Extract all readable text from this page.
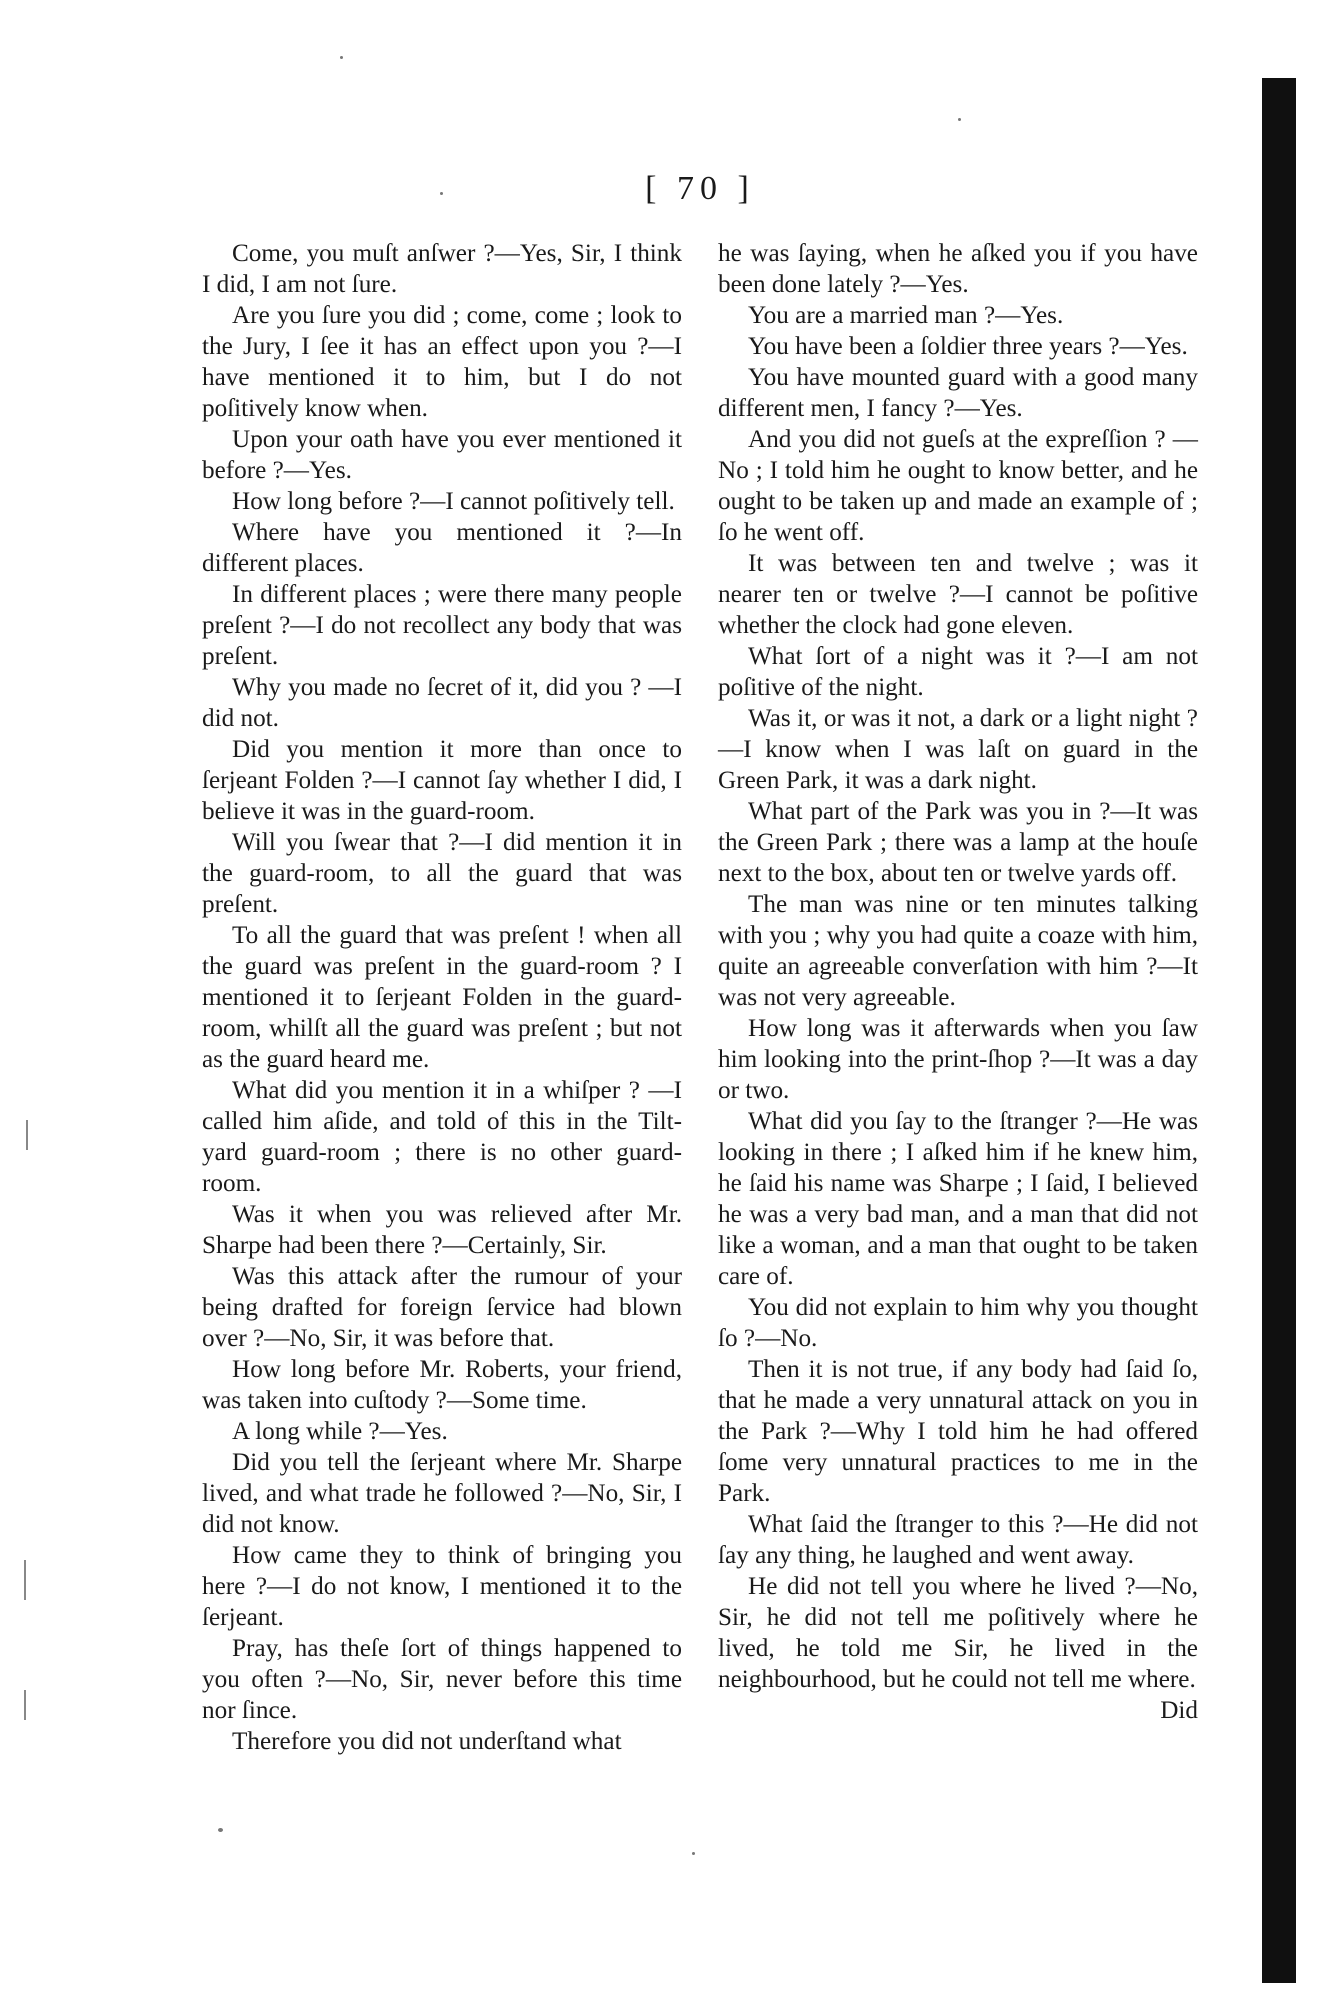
[ 70 ]

Come, you muſt anſwer ?—Yes, Sir, I think I did, I am not ſure.

Are you ſure you did ; come, come ; look to the Jury, I ſee it has an effect upon you ?—I have mentioned it to him, but I do not poſitively know when.

Upon your oath have you ever mentioned it before ?—Yes.

How long before ?—I cannot poſitively tell.

Where have you mentioned it ?—In different places.

In different places ; were there many people preſent ?—I do not recollect any body that was preſent.

Why you made no ſecret of it, did you ? —I did not.

Did you mention it more than once to ſerjeant Folden ?—I cannot ſay whether I did, I believe it was in the guard-room.

Will you ſwear that ?—I did mention it in the guard-room, to all the guard that was preſent.

To all the guard that was preſent ! when all the guard was preſent in the guard-room ? I mentioned it to ſerjeant Folden in the guard-room, whilſt all the guard was preſent ; but not as the guard heard me.

What did you mention it in a whiſper ? —I called him aſide, and told of this in the Tilt-yard guard-room ; there is no other guard-room.

Was it when you was relieved after Mr. Sharpe had been there ?—Certainly, Sir.

Was this attack after the rumour of your being drafted for foreign ſervice had blown over ?—No, Sir, it was before that.

How long before Mr. Roberts, your friend, was taken into cuſtody ?—Some time.

A long while ?—Yes.

Did you tell the ſerjeant where Mr. Sharpe lived, and what trade he followed ?—No, Sir, I did not know.

How came they to think of bringing you here ?—I do not know, I mentioned it to the ſerjeant.

Pray, has theſe ſort of things happened to you often ?—No, Sir, never before this time nor ſince.

Therefore you did not underſtand what

he was ſaying, when he aſked you if you have been done lately ?—Yes.

You are a married man ?—Yes.

You have been a ſoldier three years ?—Yes.

You have mounted guard with a good many different men, I fancy ?—Yes.

And you did not gueſs at the expreſſion ? —No ; I told him he ought to know better, and he ought to be taken up and made an example of ; ſo he went off.

It was between ten and twelve ; was it nearer ten or twelve ?—I cannot be poſitive whether the clock had gone eleven.

What ſort of a night was it ?—I am not poſitive of the night.

Was it, or was it not, a dark or a light night ?—I know when I was laſt on guard in the Green Park, it was a dark night.

What part of the Park was you in ?—It was the Green Park ; there was a lamp at the houſe next to the box, about ten or twelve yards off.

The man was nine or ten minutes talking with you ; why you had quite a coaze with him, quite an agreeable converſation with him ?—It was not very agreeable.

How long was it afterwards when you ſaw him looking into the print-ſhop ?—It was a day or two.

What did you ſay to the ſtranger ?—He was looking in there ; I aſked him if he knew him, he ſaid his name was Sharpe ; I ſaid, I believed he was a very bad man, and a man that did not like a woman, and a man that ought to be taken care of.

You did not explain to him why you thought ſo ?—No.

Then it is not true, if any body had ſaid ſo, that he made a very unnatural attack on you in the Park ?—Why I told him he had offered ſome very unnatural practices to me in the Park.

What ſaid the ſtranger to this ?—He did not ſay any thing, he laughed and went away.

He did not tell you where he lived ?—No, Sir, he did not tell me poſitively where he lived, he told me Sir, he lived in the neighbourhood, but he could not tell me where.

Did
